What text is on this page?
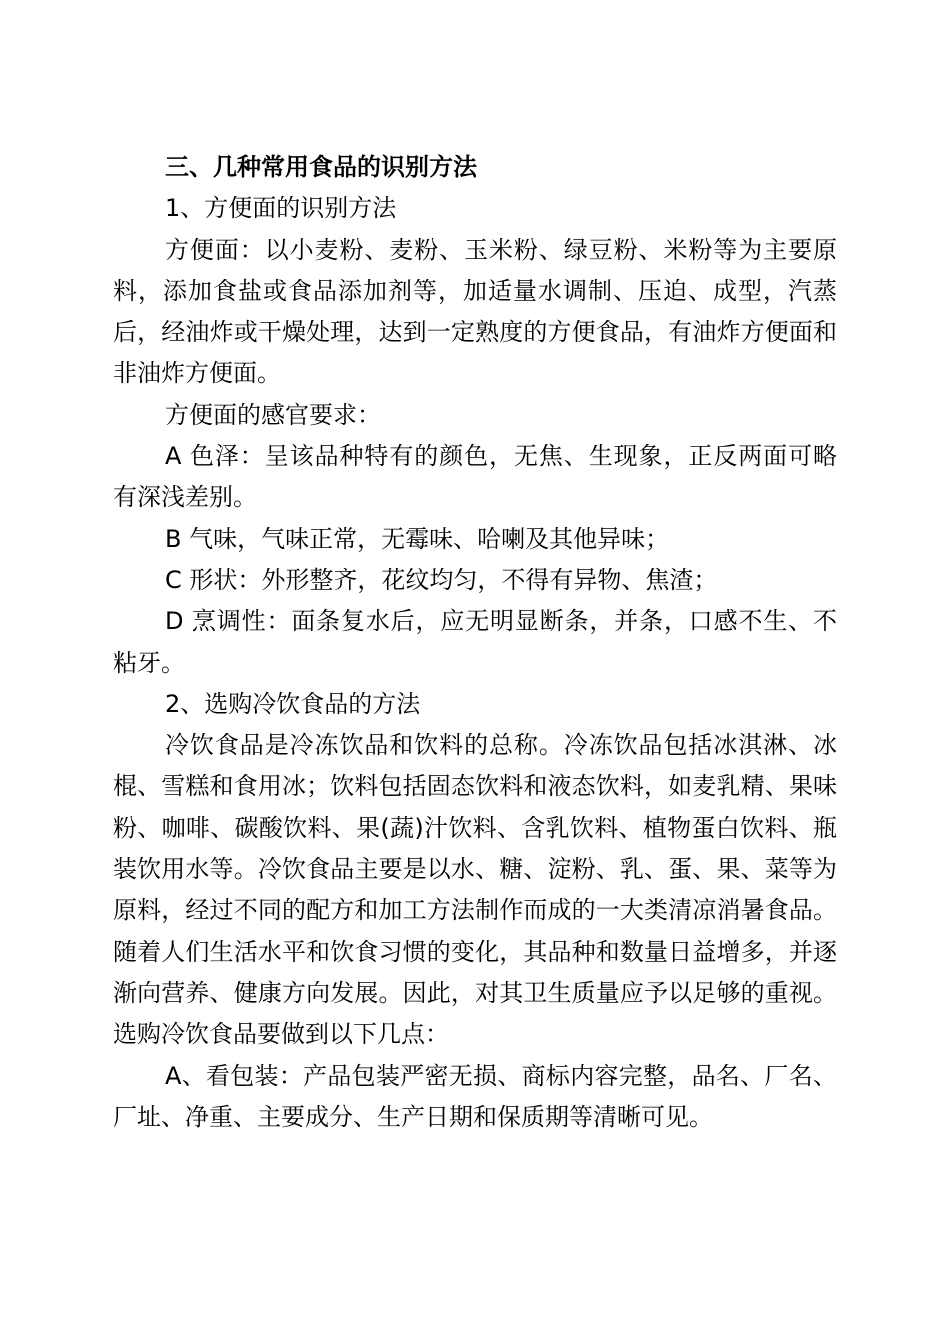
三、几种常用食品的识别方法

1、方便面的识别方法

方便面：以小麦粉、麦粉、玉米粉、绿豆粉、米粉等为主要原料，添加食盐或食品添加剂等，加适量水调制、压迫、成型，汽蒸后，经油炸或干燥处理，达到一定熟度的方便食品，有油炸方便面和非油炸方便面。

方便面的感官要求：

A 色泽：呈该品种特有的颜色，无焦、生现象，正反两面可略有深浅差别。

B 气味，气味正常，无霉味、哈喇及其他异味；

C 形状：外形整齐，花纹均匀，不得有异物、焦渣；

D 烹调性：面条复水后，应无明显断条，并条，口感不生、不粘牙。

2、选购冷饮食品的方法

冷饮食品是冷冻饮品和饮料的总称。冷冻饮品包括冰淇淋、冰棍、雪糕和食用冰；饮料包括固态饮料和液态饮料，如麦乳精、果味粉、咖啡、碳酸饮料、果(蔬)汁饮料、含乳饮料、植物蛋白饮料、瓶装饮用水等。冷饮食品主要是以水、糖、淀粉、乳、蛋、果、菜等为原料，经过不同的配方和加工方法制作而成的一大类清凉消暑食品。随着人们生活水平和饮食习惯的变化，其品种和数量日益增多，并逐渐向营养、健康方向发展。因此，对其卫生质量应予以足够的重视。选购冷饮食品要做到以下几点：

A、看包装：产品包装严密无损、商标内容完整，品名、厂名、厂址、净重、主要成分、生产日期和保质期等清晰可见。
